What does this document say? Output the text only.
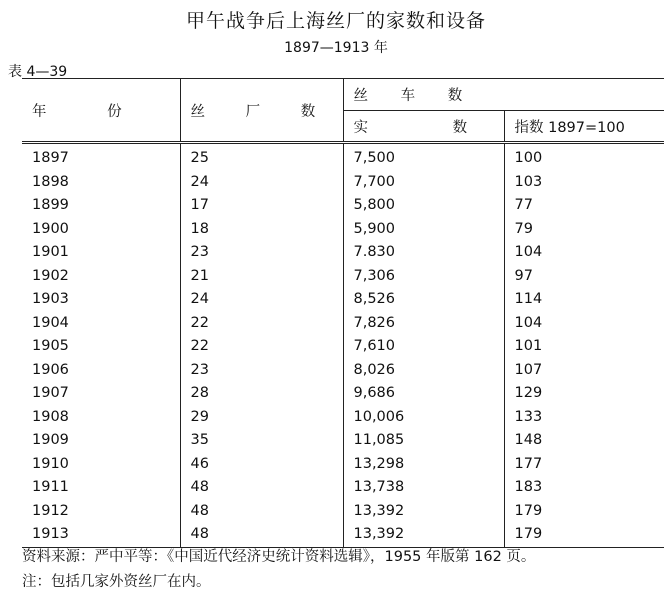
甲午战争后上海丝厂的家数和设备
1897—1913 年
表 4—39
年 份	丝 厂 数	丝 车 数	
		实 数	指数 1897=100
1897	25	7,500	100
1898	24	7,700	103
1899	17	5,800	77
1900	18	5,900	79
1901	23	7.830	104
1902	21	7,306	97
1903	24	8,526	114
1904	22	7,826	104
1905	22	7,610	101
1906	23	8,026	107
1907	28	9,686	129
1908	29	10,006	133
1909	35	11,085	148
1910	46	13,298	177
1911	48	13,738	183
1912	48	13,392	179
1913	48	13,392	179
资料来源：严中平等：《中国近代经济史统计资料选辑》，1955 年版第 162 页。
注：包括几家外资丝厂在内。
